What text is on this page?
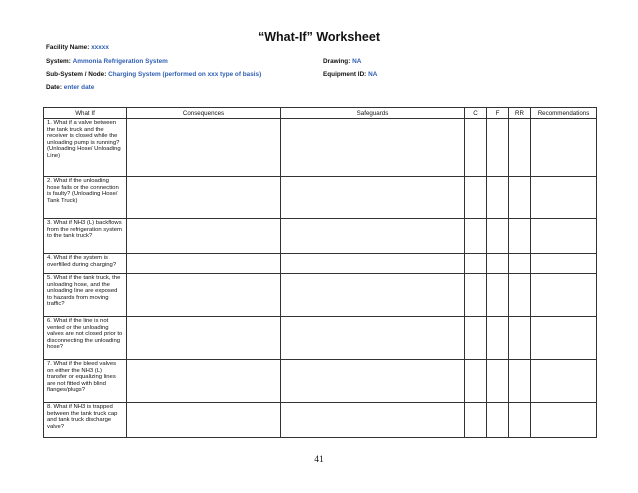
“What-If” Worksheet
Facility Name: xxxxx
System: Ammonia Refrigeration System
Sub-System / Node: Charging System (performed on xxx type of basis)
Date: enter date
Drawing: NA
Equipment ID: NA
What If	Consequences	Safeguards	C	F	RR	Recommendations
1. What if a valve between the tank truck and the receiver is closed while the unloading pump is running? (Unloading Hose/ Unloading Line)						
2. What if the unloading hose fails or the connection is faulty? (Unloading Hose/ Tank Truck)						
3. What if NH3 (L) backflows from the refrigeration system to the tank truck?						
4. What if the system is overfilled during charging?						
5. What if the tank truck, the unloading hose, and the unloading line are exposed to hazards from moving traffic?						
6. What if the line is not vented or the unloading valves are not closed prior to disconnecting the unloading hose?						
7. What if the bleed valves on either the NH3 (L) transfer or equalizing lines are not fitted with blind flanges/plugs?						
8. What if NH3 is trapped between the tank truck cap and tank truck discharge valve?						
41
